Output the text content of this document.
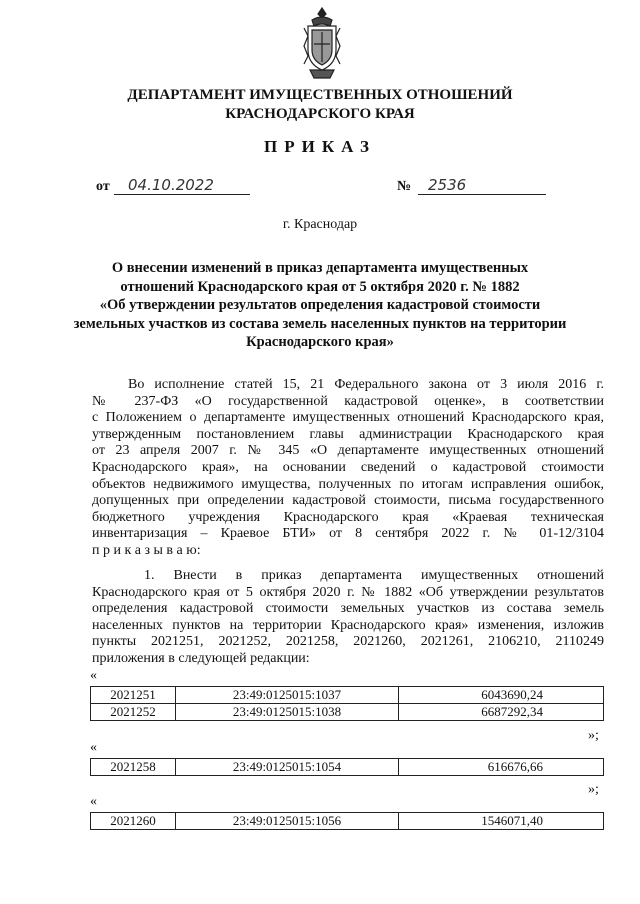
ДЕПАРТАМЕНТ ИМУЩЕСТВЕННЫХ ОТНОШЕНИЙ
КРАСНОДАРСКОГО КРАЯ
ПРИКАЗ
от	04.10.2022	№	2536
г. Краснодар
О внесении изменений в приказ департамента имущественных
отношений Краснодарского края от 5 октября 2020 г. № 1882
«Об утверждении результатов определения кадастровой стоимости
земельных участков из состава земель населенных пунктов на территории
Краснодарского края»
Во исполнение статей 15, 21 Федерального закона от 3 июля 2016 г.
№ 237-ФЗ «О государственной кадастровой оценке», в соответствии
с Положением о департаменте имущественных отношений Краснодарского края,
утвержденным постановлением главы администрации Краснодарского края
от 23 апреля 2007 г. № 345 «О департаменте имущественных отношений
Краснодарского края», на основании сведений о кадастровой стоимости
объектов недвижимого имущества, полученных по итогам исправления ошибок,
допущенных при определении кадастровой стоимости, письма государственного
бюджетного учреждения Краснодарского края «Краевая техническая
инвентаризация – Краевое БТИ» от 8 сентября 2022 г. № 01-12/3104
п р и к а з ы в а ю:
1. Внести в приказ департамента имущественных отношений
Краснодарского края от 5 октября 2020 г. № 1882 «Об утверждении результатов
определения кадастровой стоимости земельных участков из состава земель
населенных пунктов на территории Краснодарского края» изменения, изложив
пункты 2021251, 2021252, 2021258, 2021260, 2021261, 2106210, 2110249
приложения в следующей редакции:
«
2021251	23:49:0125015:1037	6043690,24
2021252	23:49:0125015:1038	6687292,34
»;
«
2021258	23:49:0125015:1054	616676,66
»;
«
2021260	23:49:0125015:1056	1546071,40
